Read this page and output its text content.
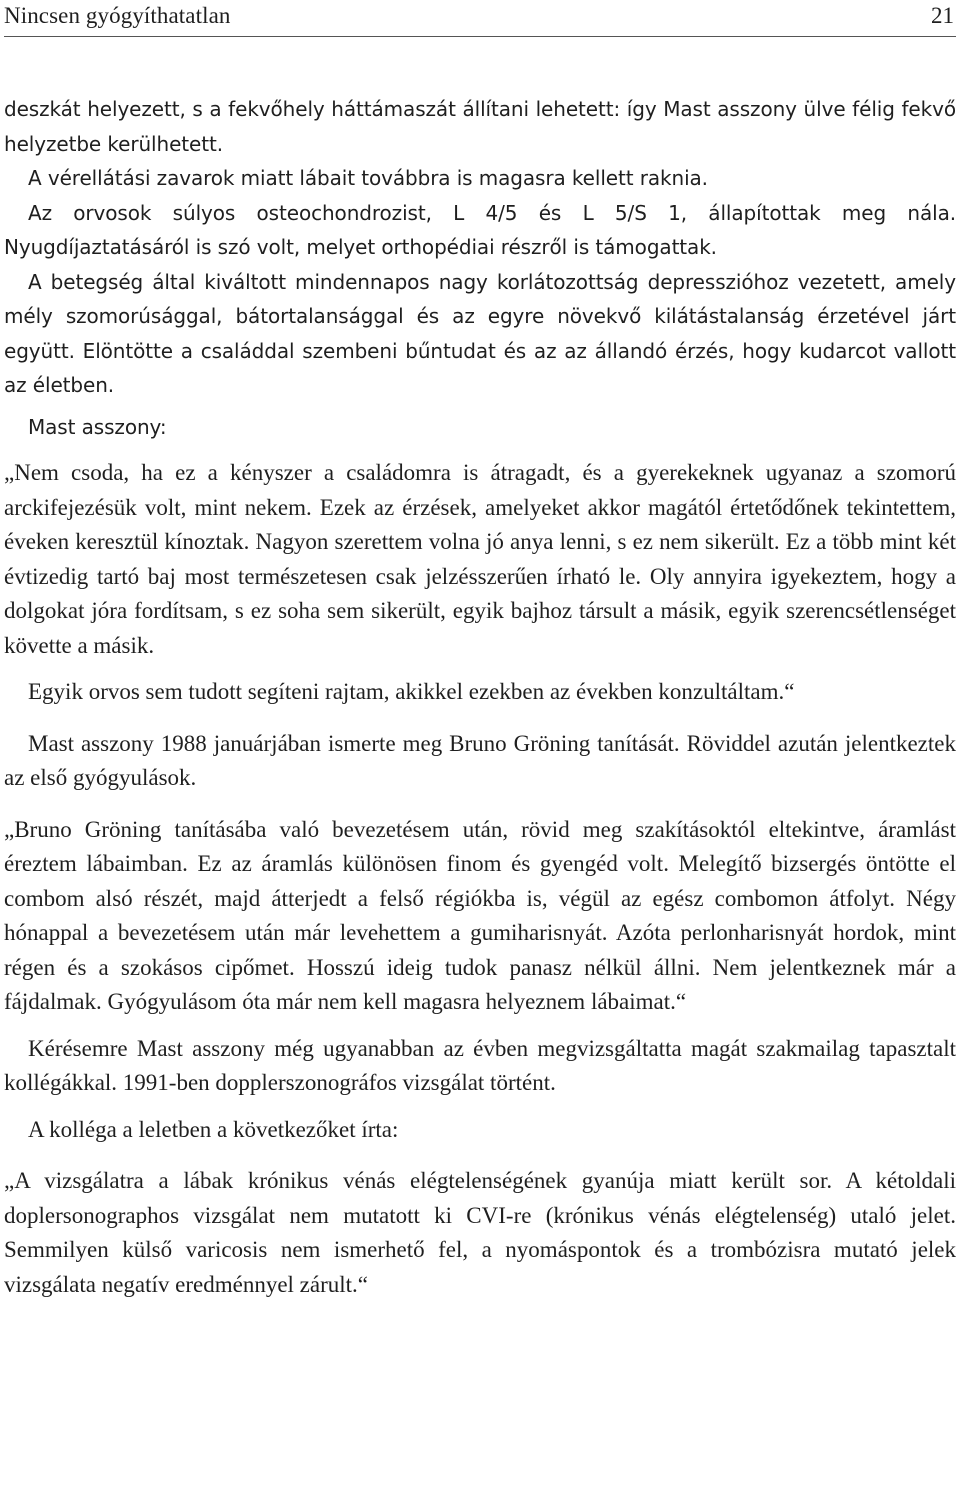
Nincsen gyógyíthatatlan	21

deszkát helyezett, s a fekvőhely háttámaszát állítani lehetett: így Mast asszony ülve félig fekvő helyzetbe kerülhetett.

A vérellátási zavarok miatt lábait továbbra is magasra kellett raknia.

Az orvosok súlyos osteochondrozist, L 4/5 és L 5/S 1, állapítottak meg nála. Nyugdíjaztatásáról is szó volt, melyet orthopédiai részről is támogattak.

A betegség által kiváltott mindennapos nagy korlátozottság depresszióhoz vezetett, amely mély szomorúsággal, bátortalansággal és az egyre növekvő kilátástalanság érzetével járt együtt. Elöntötte a családdal szembeni bűntudat és az az állandó érzés, hogy kudarcot vallott az életben.

Mast asszony:

„Nem csoda, ha ez a kényszer a családomra is átragadt, és a gyerekeknek ugyanaz a szomorú arckifejezésük volt, mint nekem. Ezek az érzések, amelyeket akkor magától értetődőnek tekintettem, éveken keresztül kínoztak. Nagyon szerettem volna jó anya lenni, s ez nem sikerült. Ez a több mint két évtizedig tartó baj most természetesen csak jelzésszerűen írható le. Oly annyira igyekeztem, hogy a dolgokat jóra fordítsam, s ez soha sem sikerült, egyik bajhoz társult a másik, egyik szerencsétlenséget követte a másik.

Egyik orvos sem tudott segíteni rajtam, akikkel ezekben az években konzultáltam.“

Mast asszony 1988 januárjában ismerte meg Bruno Gröning tanítását. Röviddel azután jelentkeztek az első gyógyulások.

„Bruno Gröning tanításába való bevezetésem után, rövid meg szakításoktól eltekintve, áramlást éreztem lábaimban. Ez az áramlás különösen finom és gyengéd volt. Melegítő bizsergés öntötte el combom alsó részét, majd átterjedt a felső régiókba is, végül az egész combomon átfolyt. Négy hónappal a bevezetésem után már levehettem a gumiharisnyát. Azóta perlonharisnyát hordok, mint régen és a szokásos cipőmet. Hosszú ideig tudok panasz nélkül állni. Nem jelentkeznek már a fájdalmak. Gyógyulásom óta már nem kell magasra helyeznem lábaimat.“

Kérésemre Mast asszony még ugyanabban az évben megvizsgáltatta magát szakmailag tapasztalt kollégákkal. 1991-ben dopplerszonográfos vizsgálat történt.

A kolléga a leletben a következőket írta:

„A vizsgálatra a lábak krónikus vénás elégtelenségének gyanúja miatt került sor. A kétoldali doplersonographos vizsgálat nem mutatott ki CVI-re (krónikus vénás elégtelenség) utaló jelet. Semmilyen külső varicosis nem ismerhető fel, a nyomáspontok és a trombózisra mutató jelek vizsgálata negatív eredménnyel zárult.“
